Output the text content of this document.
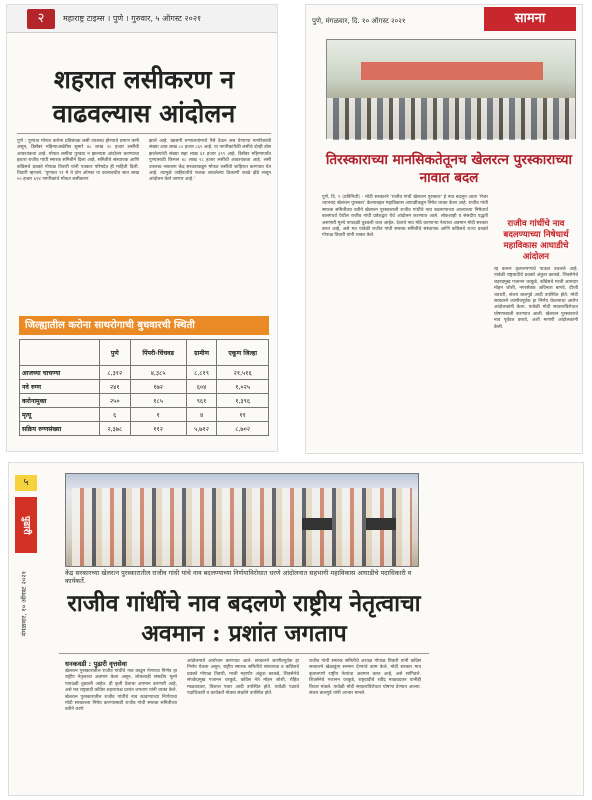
२	महाराष्ट्र टाइम्स । पुणे । गुरुवार, ५ ऑगस्ट २०२१
शहरात लसीकरण न वाढवल्यास आंदोलन
पुणे : पुण्यात मोफत करोना प्रतिबंधक लसी उपलब्ध होण्याचे प्रमाण कमी असून, डिसेंबर महिन्याअखेरीस सुमारे ४८ लाख २८ हजार लसींची आवश्यकता आहे. मोफत लसींचा पुरवठा न झाल्यास आंदोलन करण्याचा इशारा राजीव गांधी स्मारक समितीने दिला आहे. समितीचे संस्थापक आणि काँग्रेसचे प्रवक्ते गोपाळ तिवारी यांनी पत्रकार परिषदेत ही माहिती दिली. तिवारी म्हणाले, 'पुण्यात २१ मे ते दोन ऑगस्ट या कालावधीत सात लाख ५० हजार ६९४ नागरिकांचे मोफत लसीकरण
झाले आहे. खासगी रुग्णालयांमध्ये पैसे देऊन लस घेणाऱ्या नागरिकांची संख्या आठ लाख ८० हजार ८६२ आहे. या नागरिकांपैकी लसीचे दोन्ही डोस झालेल्यांची संख्या सहा लाख ६१ हजार ३९९ आहे. डिसेंबर महिन्यापर्यंत पुण्यासाठी किमान ४८ लाख २८ हजार लसींची आवश्यकता आहे. लसी उपलब्ध नसताना केंद्र सरकारकडून मोफत लसींची जाहिरात करण्यात येत आहे. त्यामुळे जाहिरातीचे फलक लावलेल्या ठिकाणी काळे झेंडे लावून आंदोलन केले जाणार आहे.'
जिल्ह्यातील करोना साथरोगाची बुधवारची स्थिती
	पुणे	पिंपरी-चिंचवड	ग्रामीण	एकूण जिल्हा
आजच्या चाचण्या	८,३१२	४,३८५	८,८१९	२१,५१६
नवे रुग्ण	२४१	१७२	६०४	१,०२५
करोनामुक्त	२५०	१८५	९६१	१,३९६
मृत्यू	६	१	४	११
सक्रिय रुग्णसंख्या	२,३७८	११२	५,७१२	८,७०२
पुणे, मंगळवार, दि. १० ऑगस्ट २०२१	सामना
तिरस्काराच्या मानसिकतेतूनच खेलरत्न पुरस्काराच्या नावात बदल
पुणे, दि. ९ (प्रतिनिधी) - मोदी सरकारने 'राजीव गांधी खेलरत्न पुरस्कार' हे नाव बदलून आता 'मेजर ध्यानचंद खेलरत्न पुरस्कार' केल्याबद्दल महाविकास आघाडीकडून निषेध व्यक्त केला आहे. राजीव गांधी स्मारक समितीच्या वतीने खेलरत्न पुरस्काराशी राजीव गांधींचे नाव बदलण्याच्या आल्याच्या निषेधार्थ बालगंधर्व येथील राजीव गांधी प्रवेशद्वार येथे आंदोलन करण्यात आले. लोकशाही व संसदीय पद्धती असणारी मूल्ये पायदळी तुडवली जात आहेत. देशाचे नाव मोठे करणाऱ्या नेत्यांचा अवमान मोदी सरकार करत आहे, असे मत यावेळी राजीव गांधी स्मारक समितीचे संस्थापक आणि काँग्रेसचे राज्य प्रवक्ते गोपाळ तिवारी यांनी व्यक्त केले.
राजीव गांधींचे नाव बदलण्याच्या निषेधार्थ महाविकास आघाडीचे आंदोलन
रद्द करून कृतघ्नपणाचे पाऊल उचलले आहे. यावेळी राष्ट्रवादीचे प्रवक्ते अंकुश काकडे, शिवसेनेचे शहरप्रमुख गजानन थरकुडे, काँग्रेसचे माजी आमदार मोहन जोशी, नगरसेवक अविनाश बागवे, दीप्ती चवधरी, संजय बालगुडे आदी उपस्थित होते. मोदी सरकारने जाणीवपूर्वक हा निर्णय घेतल्याचा आरोप आंदोलकांनी केला. यावेळी मोदी सरकारविरोधात घोषणाबाजी करण्यात आली. खेलरत्न पुरस्काराचे नाव पूर्ववत करावे, अशी मागणी आंदोलकांनी केली.
५
पुढारी
मंगळवार, १० ऑगस्ट २०२१	केंद्र सरकारच्या खेलरत्न पुरस्कारातील राजीव गांधी यांचे नाव बदलण्याच्या निर्णयाविरोधात धरणे आंदोलनात सहभागी महाविकास आघाडीचे पदाधिकारी व कार्यकर्ते.
राजीव गांधींचे नाव बदलणे राष्ट्रीय नेतृत्वाचा अवमान : प्रशांत जगताप
धनकवडी : पुढारी वृत्तसेवा
खेलरत्न पुरस्कारातील राजीव गांधींचे नाव काढून नेण्याचा निर्णय हा राष्ट्रीय नेतृत्वाचा अवमान केला असून, लोकशाही संसदीय मूल्ये पायदळी तुडवली आहेत. ही कृती देशाचा अपमान करणारी आहे, असे मत राष्ट्रवादी काँग्रेस शहराध्यक्ष प्रशांत जगताप यांनी व्यक्त केले. खेलरत्न पुरस्कारातील राजीव गांधींचे नाव काढण्याच्या निर्णयाचा मोदी सरकारला निषेध करण्यासाठी राजीव गांधी स्मारक समितीच्या वतीने धरणे
आंदोलनाचे आयोजन करण्यात आले. सरकारने जाणीवपूर्वक हा निर्णय घेतला असून, राष्ट्रीय स्मारक समितीचे संस्थापक व काँग्रेसचे प्रवक्ते गोपाळ तिवारी, माजी महापौर अंकुश काकडे, शिवसेनेचे संपर्कप्रमुख गजानन थरकुडे, काँग्रेस नेते मोहन जोशी, रोहित माळवदकर, विशाल पवार आदी उपस्थित होते. यावेळी पक्षाचे पदाधिकारी व कार्यकर्ते मोठ्या संख्येने उपस्थित होते.
राजीव गांधी स्मारक समितीचे अध्यक्ष गोपाळ तिवारी यांनी काँग्रेस सरकारने खेळाडूंना सन्मान देण्याचे काम केले, मोदी सरकार मात्र कृतघ्नपणे राष्ट्रीय नेत्यांचा अवमान करत आहे, असे सांगितले. शिवसेनेचे गजानन थरकुडे, राष्ट्रवादीचे रवींद्र माळवदकर यांनीही विचार मांडले. यावेळी मोदी सरकारविरोधात घोषणा देण्यात आल्या. संजय बालगुडे यांनी आभार मानले.
